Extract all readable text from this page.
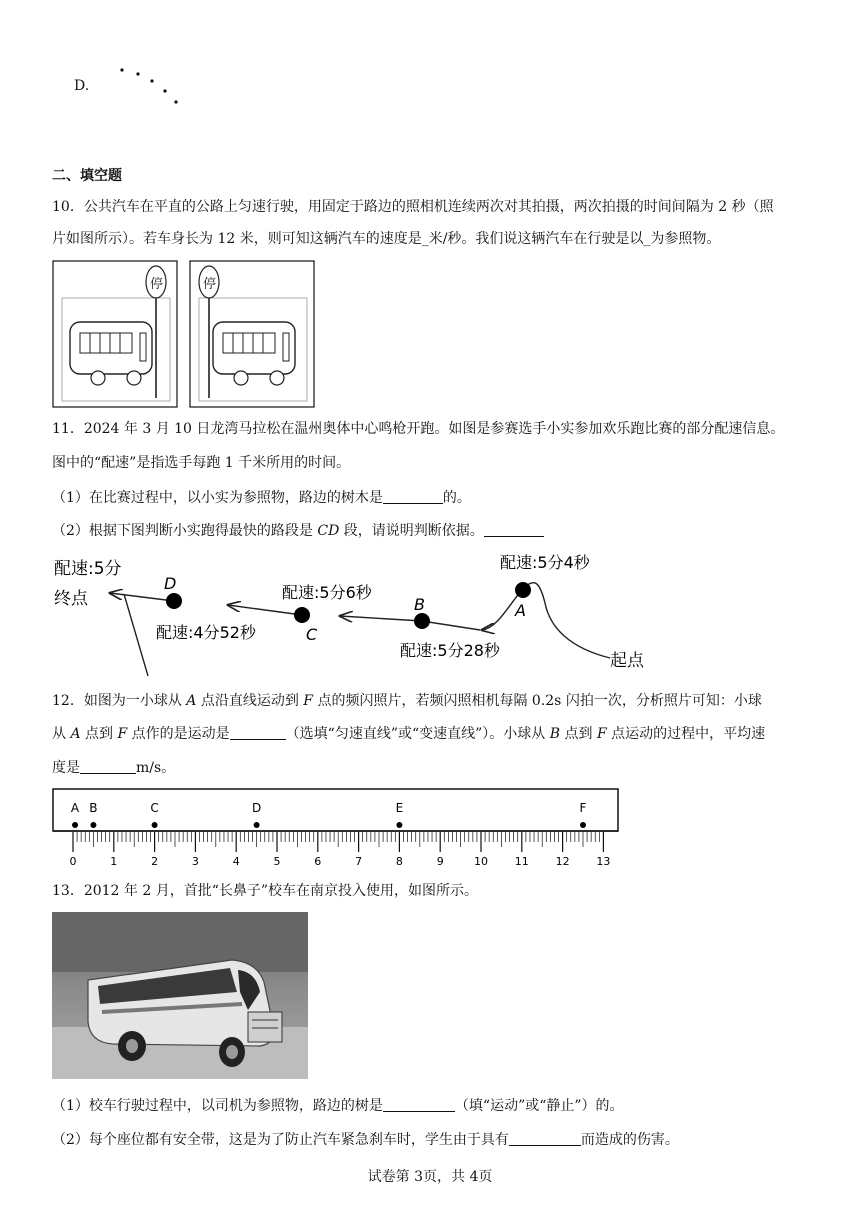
D.
二、填空题
10．公共汽车在平直的公路上匀速行驶，用固定于路边的照相机连续两次对其拍摄，两次拍摄的时间间隔为 2 秒（照
片如图所示）。若车身长为 12 米，则可知这辆汽车的速度是_米/秒。我们说这辆汽车在行驶是以_为参照物。
停	停
11．2024 年 3 月 10 日龙湾马拉松在温州奥体中心鸣枪开跑。如图是参赛选手小实参加欢乐跑比赛的部分配速信息。
图中的“配速”是指选手每跑 1 千米所用的时间。
（1）在比赛过程中，以小实为参照物，路边的树木是	的。
（2）根据下图判断小实跑得最快的路段是 CD 段，请说明判断依据。
配速:5分
终点
D
配速:4分52秒
配速:5分6秒
C
B
配速:5分28秒
配速:5分4秒
A
起点
12．如图为一小球从 A 点沿直线运动到 F 点的频闪照片，若频闪照相机每隔 0.2s 闪拍一次，分析照片可知：小球
从 A 点到 F 点作的是运动是	（选填“匀速直线”或“变速直线”）。小球从 B 点到 F 点运动的过程中，平均速
度是	m/s。
0	1	2	3	4	5	6	7	8	9	10 11 12 13
A B	C	D	E	F
13．2012 年 2 月，首批“长鼻子”校车在南京投入使用，如图所示。
（1）校车行驶过程中，以司机为参照物，路边的树是	（填“运动”或“静止”）的。
（2）每个座位都有安全带，这是为了防止汽车紧急刹车时，学生由于具有	而造成的伤害。
试卷第 3页，共 4页
